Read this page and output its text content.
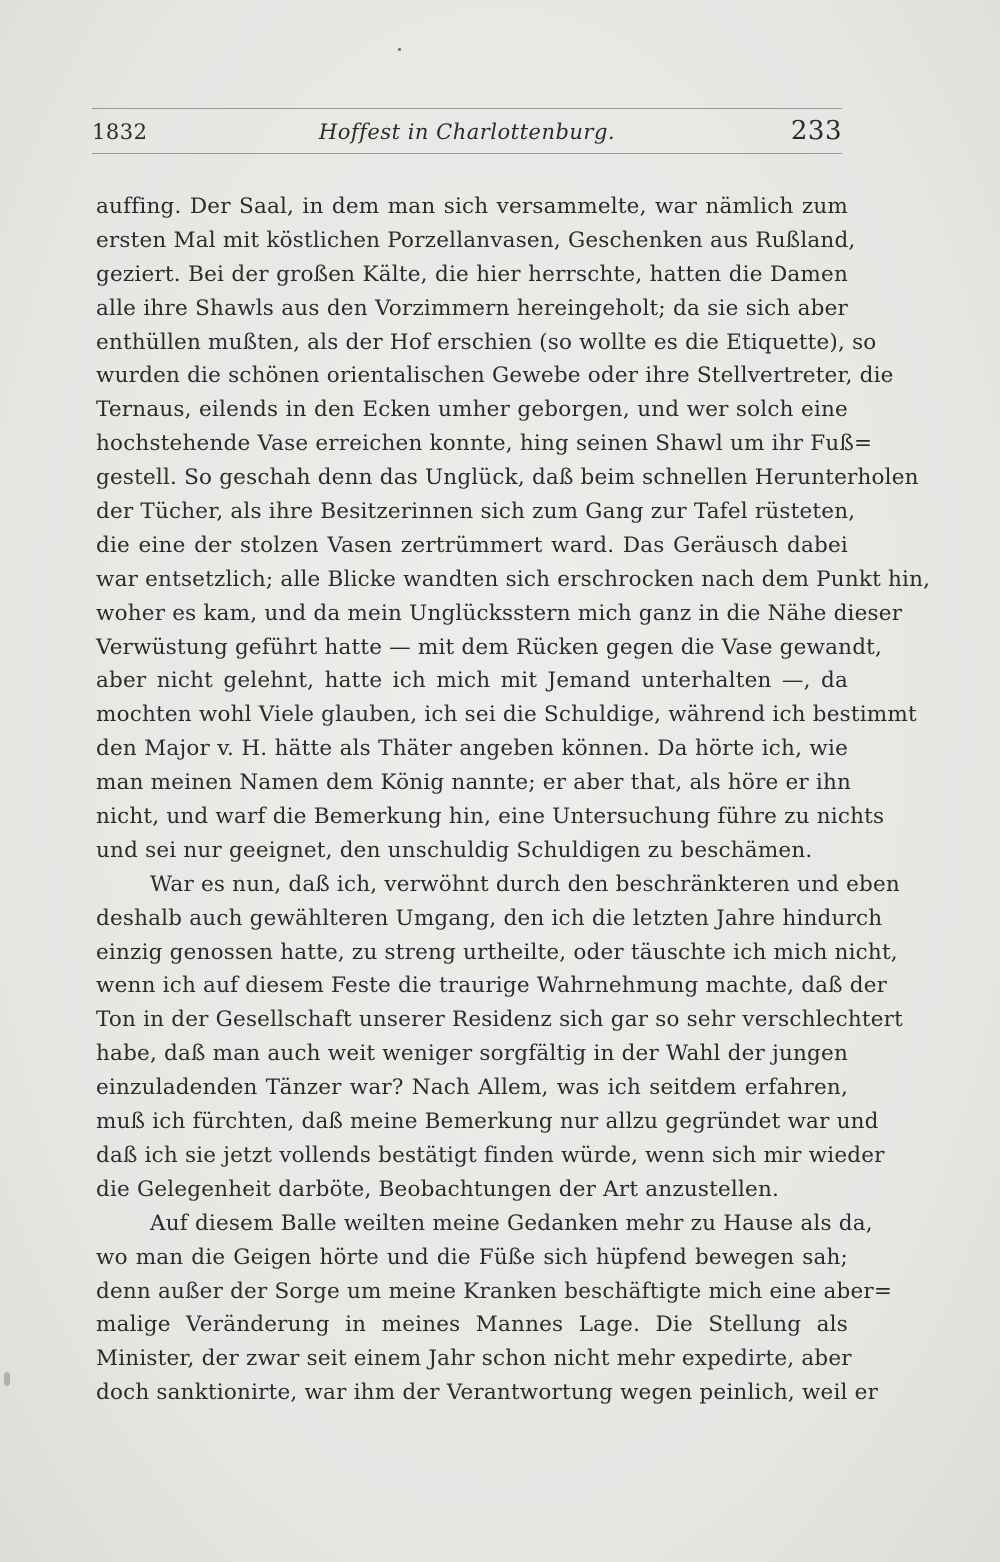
1832	Hoffest in Charlottenburg.	233
auffing. Der Saal, in dem man sich versammelte, war nämlich zum
ersten Mal mit köstlichen Porzellanvasen, Geschenken aus Rußland,
geziert. Bei der großen Kälte, die hier herrschte, hatten die Damen
alle ihre Shawls aus den Vorzimmern hereingeholt; da sie sich aber
enthüllen mußten, als der Hof erschien (so wollte es die Etiquette), so
wurden die schönen orientalischen Gewebe oder ihre Stellvertreter, die
Ternaus, eilends in den Ecken umher geborgen, und wer solch eine
hochstehende Vase erreichen konnte, hing seinen Shawl um ihr Fuß=
gestell. So geschah denn das Unglück, daß beim schnellen Herunterholen
der Tücher, als ihre Besitzerinnen sich zum Gang zur Tafel rüsteten,
die eine der stolzen Vasen zertrümmert ward. Das Geräusch dabei
war entsetzlich; alle Blicke wandten sich erschrocken nach dem Punkt hin,
woher es kam, und da mein Unglücksstern mich ganz in die Nähe dieser
Verwüstung geführt hatte — mit dem Rücken gegen die Vase gewandt,
aber nicht gelehnt, hatte ich mich mit Jemand unterhalten —, da
mochten wohl Viele glauben, ich sei die Schuldige, während ich bestimmt
den Major v. H. hätte als Thäter angeben können. Da hörte ich, wie
man meinen Namen dem König nannte; er aber that, als höre er ihn
nicht, und warf die Bemerkung hin, eine Untersuchung führe zu nichts
und sei nur geeignet, den unschuldig Schuldigen zu beschämen.
War es nun, daß ich, verwöhnt durch den beschränkteren und eben
deshalb auch gewählteren Umgang, den ich die letzten Jahre hindurch
einzig genossen hatte, zu streng urtheilte, oder täuschte ich mich nicht,
wenn ich auf diesem Feste die traurige Wahrnehmung machte, daß der
Ton in der Gesellschaft unserer Residenz sich gar so sehr verschlechtert
habe, daß man auch weit weniger sorgfältig in der Wahl der jungen
einzuladenden Tänzer war? Nach Allem, was ich seitdem erfahren,
muß ich fürchten, daß meine Bemerkung nur allzu gegründet war und
daß ich sie jetzt vollends bestätigt finden würde, wenn sich mir wieder
die Gelegenheit darböte, Beobachtungen der Art anzustellen.
Auf diesem Balle weilten meine Gedanken mehr zu Hause als da,
wo man die Geigen hörte und die Füße sich hüpfend bewegen sah;
denn außer der Sorge um meine Kranken beschäftigte mich eine aber=
malige Veränderung in meines Mannes Lage. Die Stellung als
Minister, der zwar seit einem Jahr schon nicht mehr expedirte, aber
doch sanktionirte, war ihm der Verantwortung wegen peinlich, weil er
